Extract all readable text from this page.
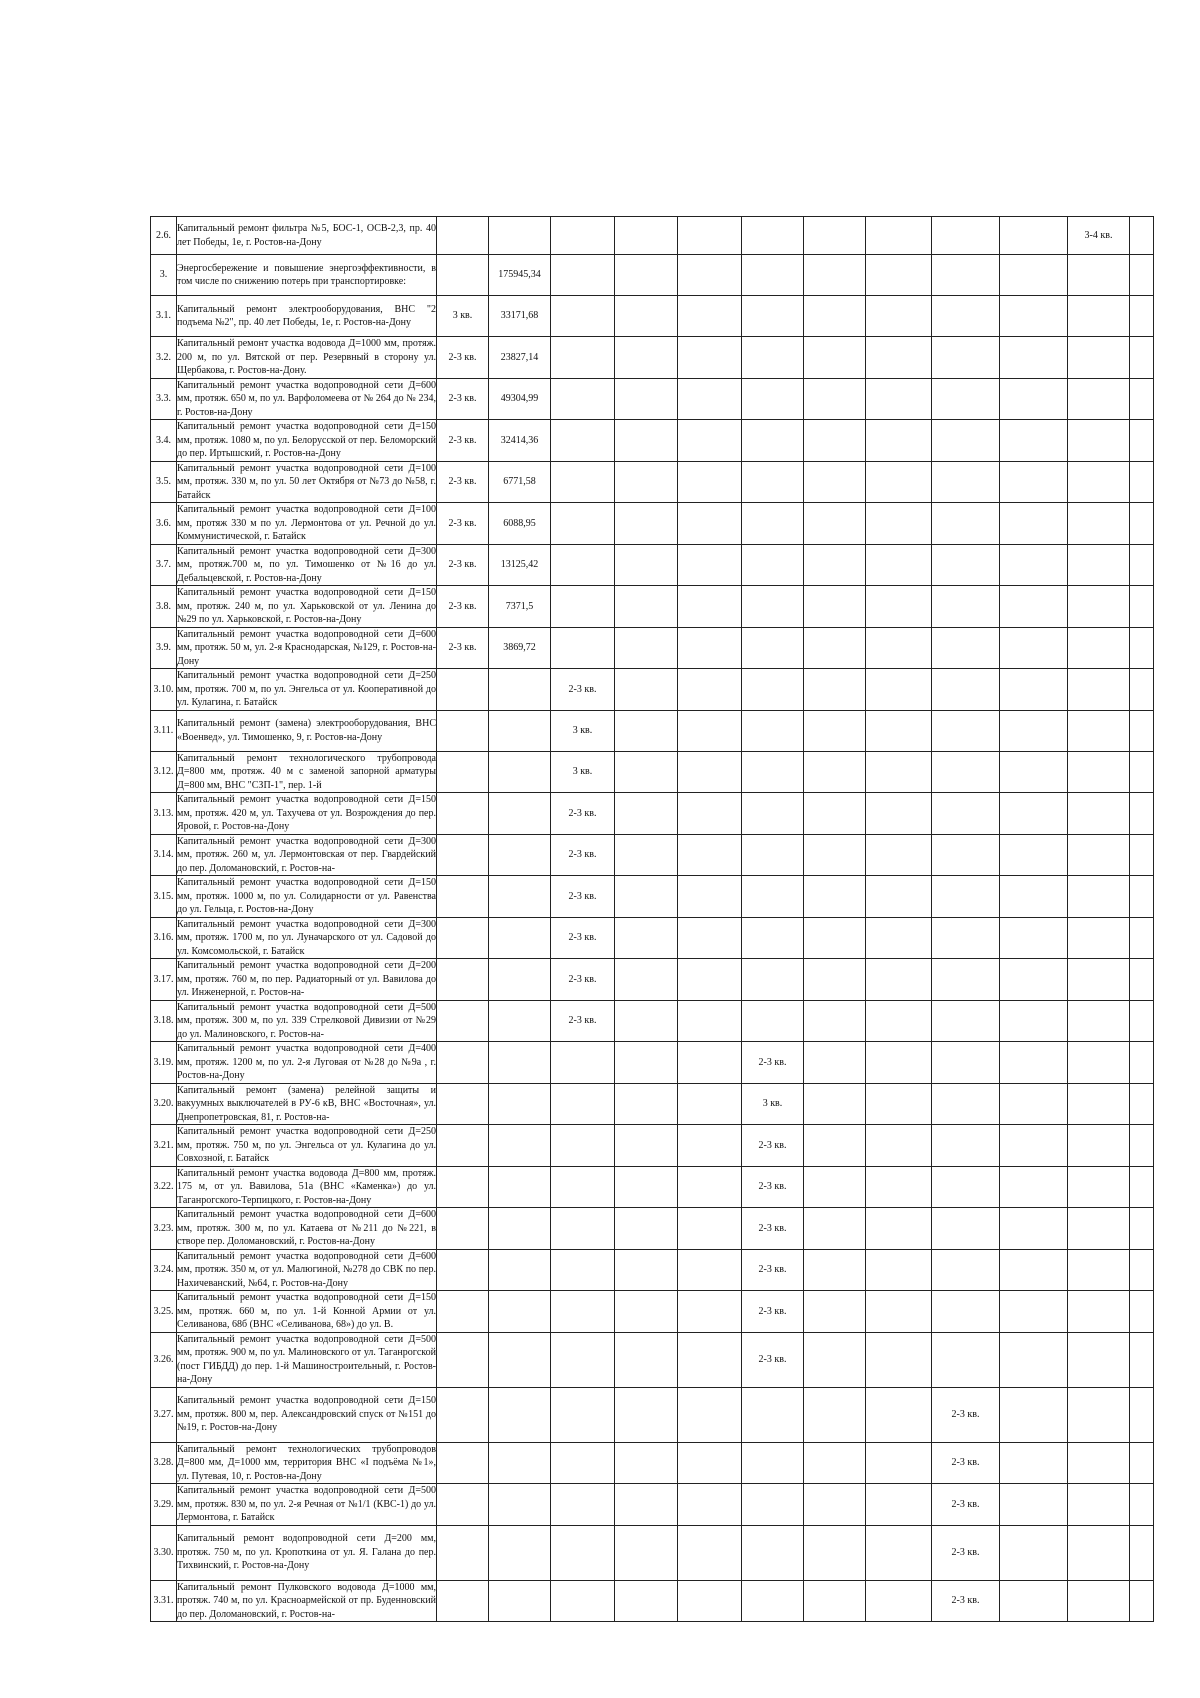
2.6.	Капитальный ремонт фильтра №5, БОС-1, ОСВ-2,3, пр. 40 лет Победы, 1е, г. Ростов-на-Дону											3-4 кв.	
3.	Энергосбережение и повышение энергоэффективности, в том числе по снижению потерь при транспортировке:		175945,34										
3.1.	Капитальный ремонт электрооборудования, ВНС "2 подъема №2", пр. 40 лет Победы, 1е, г. Ростов-на-Дону	3 кв.	33171,68										
3.2.	Капитальный ремонт участка водовода Д=1000 мм, протяж. 200 м, по ул. Вятской от пер. Резервный в сторону ул. Щербакова, г. Ростов-на-Дону.	2-3 кв.	23827,14										
3.3.	Капитальный ремонт участка водопроводной сети Д=600 мм, протяж. 650 м, по ул. Варфоломеева от № 264 до № 234, г. Ростов-на-Дону	2-3 кв.	49304,99										
3.4.	Капитальный ремонт участка водопроводной сети Д=150 мм, протяж. 1080 м, по ул. Белорусской от пер. Беломорский до пер. Иртышский, г. Ростов-на-Дону	2-3 кв.	32414,36										
3.5.	Капитальный ремонт участка водопроводной сети Д=100 мм, протяж. 330 м, по ул. 50 лет Октября от №73 до №58, г. Батайск	2-3 кв.	6771,58										
3.6.	Капитальный ремонт участка водопроводной сети Д=100 мм, протяж 330 м по ул. Лермонтова от ул. Речной до ул. Коммунистической, г. Батайск	2-3 кв.	6088,95										
3.7.	Капитальный ремонт участка водопроводной сети Д=300 мм, протяж.700 м, по ул. Тимошенко от №16 до ул. Дебальцевской, г. Ростов-на-Дону	2-3 кв.	13125,42										
3.8.	Капитальный ремонт участка водопроводной сети Д=150 мм, протяж. 240 м, по ул. Харьковской от ул. Ленина до №29 по ул. Харьковской, г. Ростов-на-Дону	2-3 кв.	7371,5										
3.9.	Капитальный ремонт участка водопроводной сети Д=600 мм, протяж. 50 м, ул. 2-я Краснодарская, №129, г. Ростов-на-Дону	2-3 кв.	3869,72										
3.10.	Капитальный ремонт участка водопроводной сети Д=250 мм, протяж. 700 м, по ул. Энгельса от ул. Кооперативной до ул. Кулагина, г. Батайск			2-3 кв.									
3.11.	Капитальный ремонт (замена) электрооборудования, ВНС «Военвед», ул. Тимошенко, 9, г. Ростов-на-Дону			3 кв.									
3.12.	Капитальный ремонт технологического трубопровода Д=800 мм, протяж. 40 м с заменой запорной арматуры Д=800 мм, ВНС "СЗП-1", пер. 1-й			3 кв.									
3.13.	Капитальный ремонт участка водопроводной сети Д=150 мм, протяж. 420 м, ул. Тахучева от ул. Возрождения до пер. Яровой, г. Ростов-на-Дону			2-3 кв.									
3.14.	Капитальный ремонт участка водопроводной сети Д=300 мм, протяж. 260 м, ул. Лермонтовская от пер. Гвардейский до пер. Доломановский, г. Ростов-на-			2-3 кв.									
3.15.	Капитальный ремонт участка водопроводной сети Д=150 мм, протяж. 1000 м, по ул. Солидарности от ул. Равенства до ул. Гельца, г. Ростов-на-Дону			2-3 кв.									
3.16.	Капитальный ремонт участка водопроводной сети Д=300 мм, протяж. 1700 м, по ул. Луначарского от ул. Садовой до ул. Комсомольской, г. Батайск			2-3 кв.									
3.17.	Капитальный ремонт участка водопроводной сети Д=200 мм, протяж. 760 м, по пер. Радиаторный от ул. Вавилова до ул. Инженерной, г. Ростов-на-			2-3 кв.									
3.18.	Капитальный ремонт участка водопроводной сети Д=500 мм, протяж. 300 м, по ул. 339 Стрелковой Дивизии от №29 до ул. Малиновского, г. Ростов-на-			2-3 кв.									
3.19.	Капитальный ремонт участка водопроводной сети Д=400 мм, протяж. 1200 м, по ул. 2-я Луговая от №28 до №9а , г. Ростов-на-Дону						2-3 кв.						
3.20.	Капитальный ремонт (замена) релейной защиты и вакуумных выключателей в РУ-6 кВ, ВНС «Восточная», ул. Днепропетровская, 81, г. Ростов-на-						3 кв.						
3.21.	Капитальный ремонт участка водопроводной сети Д=250 мм, протяж. 750 м, по ул. Энгельса от ул. Кулагина до ул. Совхозной, г. Батайск						2-3 кв.						
3.22.	Капитальный ремонт участка водовода Д=800 мм, протяж. 175 м, от ул. Вавилова, 51а (ВНС «Каменка») до ул. Таганрогского-Терпицкого, г. Ростов-на-Дону						2-3 кв.						
3.23.	Капитальный ремонт участка водопроводной сети Д=600 мм, протяж. 300 м, по ул. Катаева от №211 до №221, в створе пер. Доломановский, г. Ростов-на-Дону						2-3 кв.						
3.24.	Капитальный ремонт участка водопроводной сети Д=600 мм, протяж. 350 м, от ул. Малюгиной, №278 до СВК по пер. Нахичеванский, №64, г. Ростов-на-Дону						2-3 кв.						
3.25.	Капитальный ремонт участка водопроводной сети Д=150 мм, протяж. 660 м, по ул. 1-й Конной Армии от ул. Селиванова, 68б (ВНС «Селиванова, 68») до ул. В.						2-3 кв.						
3.26.	Капитальный ремонт участка водопроводной сети Д=500 мм, протяж. 900 м, по ул. Малиновского от ул. Таганрогской (пост ГИБДД) до пер. 1-й Машиностроительный, г. Ростов-на-Дону						2-3 кв.						
3.27.	Капитальный ремонт участка водопроводной сети Д=150 мм, протяж. 800 м, пер. Александровский спуск от №151 до №19, г. Ростов-на-Дону									2-3 кв.			
3.28.	Капитальный ремонт технологических трубопроводов Д=800 мм, Д=1000 мм, территория ВНС «I подъёма №1», ул. Путевая, 10, г. Ростов-на-Дону									2-3 кв.			
3.29.	Капитальный ремонт участка водопроводной сети Д=500 мм, протяж. 830 м, по ул. 2-я Речная от №1/1 (КВС-1) до ул. Лермонтова, г. Батайск									2-3 кв.			
3.30.	Капитальный ремонт водопроводной сети Д=200 мм, протяж. 750 м, по ул. Кропоткина от ул. Я. Галана до пер. Тихвинский, г. Ростов-на-Дону									2-3 кв.			
3.31.	Капитальный ремонт Пулковского водовода Д=1000 мм, протяж. 740 м, по ул. Красноармейской от пр. Буденновский до пер. Доломановский, г. Ростов-на-									2-3 кв.			
